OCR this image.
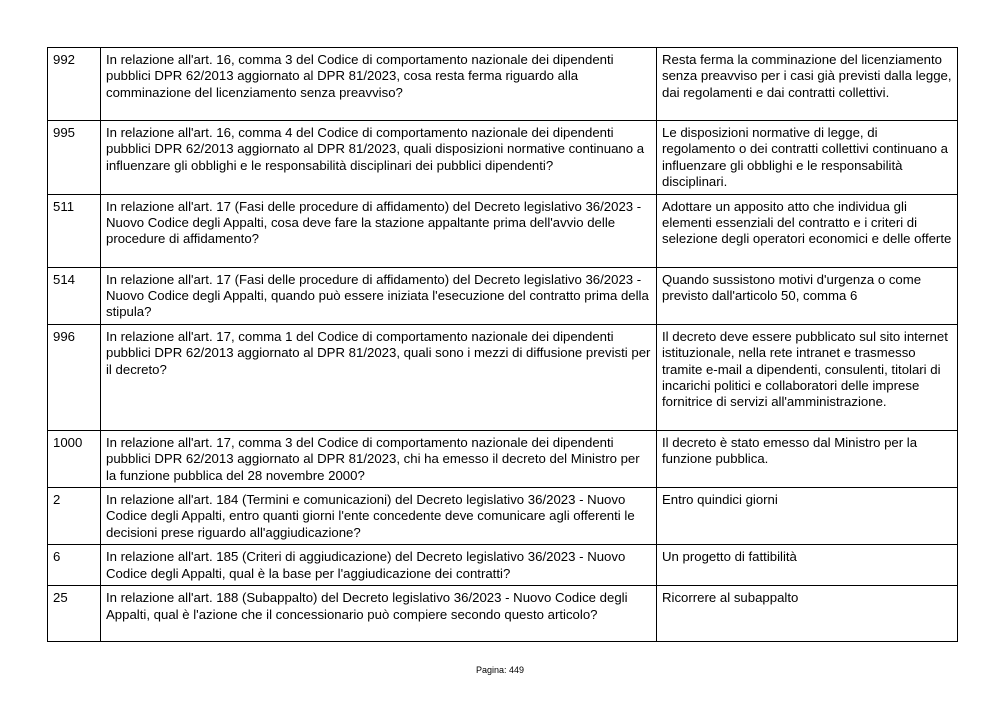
992	In relazione all'art. 16, comma 3 del Codice di comportamento nazionale dei dipendenti pubblici DPR 62/2013 aggiornato al DPR 81/2023, cosa resta ferma riguardo alla comminazione del licenziamento senza preavviso?	Resta ferma la comminazione del licenziamento senza preavviso per i casi già previsti dalla legge, dai regolamenti e dai contratti collettivi.
995	In relazione all'art. 16, comma 4 del Codice di comportamento nazionale dei dipendenti pubblici DPR 62/2013 aggiornato al DPR 81/2023, quali disposizioni normative continuano a influenzare gli obblighi e le responsabilità disciplinari dei pubblici dipendenti?	Le disposizioni normative di legge, di regolamento o dei contratti collettivi continuano a influenzare gli obblighi e le responsabilità disciplinari.
511	In relazione all'art. 17 (Fasi delle procedure di affidamento) del Decreto legislativo 36/2023 - Nuovo Codice degli Appalti, cosa deve fare la stazione appaltante prima dell'avvio delle procedure di affidamento?	Adottare un apposito atto che individua gli elementi essenziali del contratto e i criteri di selezione degli operatori economici e delle offerte
514	In relazione all'art. 17 (Fasi delle procedure di affidamento) del Decreto legislativo 36/2023 - Nuovo Codice degli Appalti, quando può essere iniziata l'esecuzione del contratto prima della stipula?	Quando sussistono motivi d'urgenza o come previsto dall'articolo 50, comma 6
996	In relazione all'art. 17, comma 1 del Codice di comportamento nazionale dei dipendenti pubblici DPR 62/2013 aggiornato al DPR 81/2023, quali sono i mezzi di diffusione previsti per il decreto?	Il decreto deve essere pubblicato sul sito internet istituzionale, nella rete intranet e trasmesso tramite e-mail a dipendenti, consulenti, titolari di incarichi politici e collaboratori delle imprese fornitrice di servizi all'amministrazione.
1000	In relazione all'art. 17, comma 3 del Codice di comportamento nazionale dei dipendenti pubblici DPR 62/2013 aggiornato al DPR 81/2023, chi ha emesso il decreto del Ministro per la funzione pubblica del 28 novembre 2000?	Il decreto è stato emesso dal Ministro per la funzione pubblica.
2	In relazione all'art. 184 (Termini e comunicazioni) del Decreto legislativo 36/2023 - Nuovo Codice degli Appalti, entro quanti giorni l'ente concedente deve comunicare agli offerenti le decisioni prese riguardo all'aggiudicazione?	Entro quindici giorni
6	In relazione all'art. 185 (Criteri di aggiudicazione) del Decreto legislativo 36/2023 - Nuovo Codice degli Appalti, qual è la base per l'aggiudicazione dei contratti?	Un progetto di fattibilità
25	In relazione all'art. 188 (Subappalto) del Decreto legislativo 36/2023 - Nuovo Codice degli Appalti, qual è l'azione che il concessionario può compiere secondo questo articolo?	Ricorrere al subappalto
Pagina: 449
